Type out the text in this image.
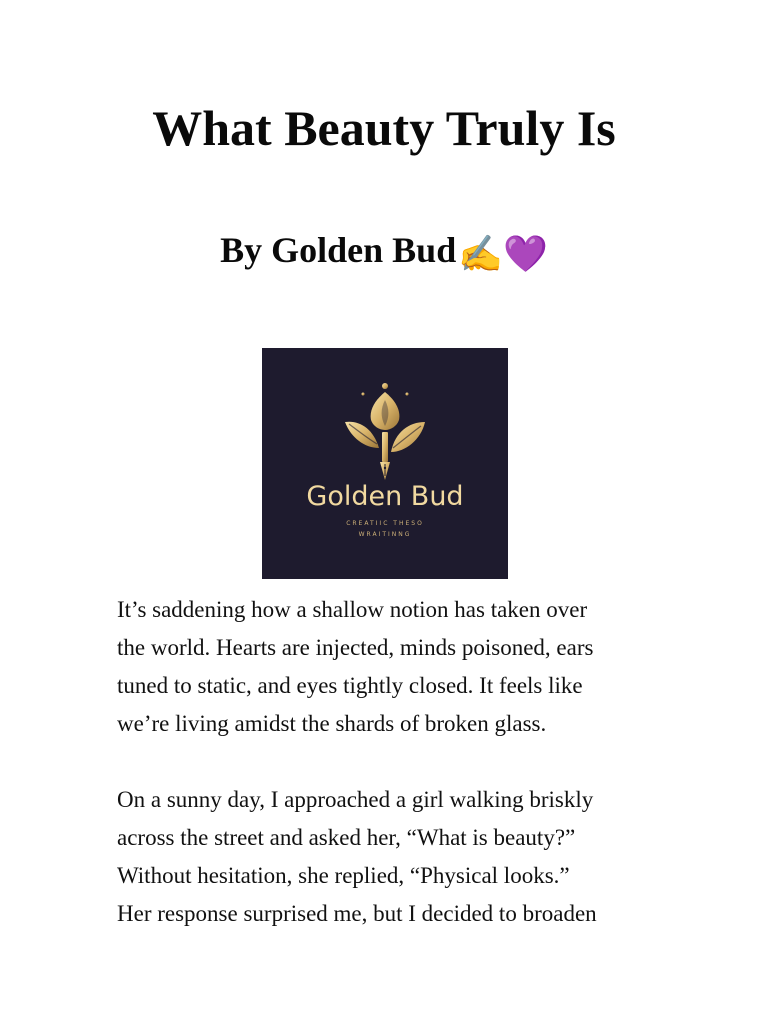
What Beauty Truly Is
By Golden Bud✍💜
Golden Bud
CREATIIC THESO
WRAITINNG

It’s saddening how a shallow notion has taken over
the world. Hearts are injected, minds poisoned, ears
tuned to static, and eyes tightly closed. It feels like
we’re living amidst the shards of broken glass.

On a sunny day, I approached a girl walking briskly
across the street and asked her, “What is beauty?”
Without hesitation, she replied, “Physical looks.”
Her response surprised me, but I decided to broaden
